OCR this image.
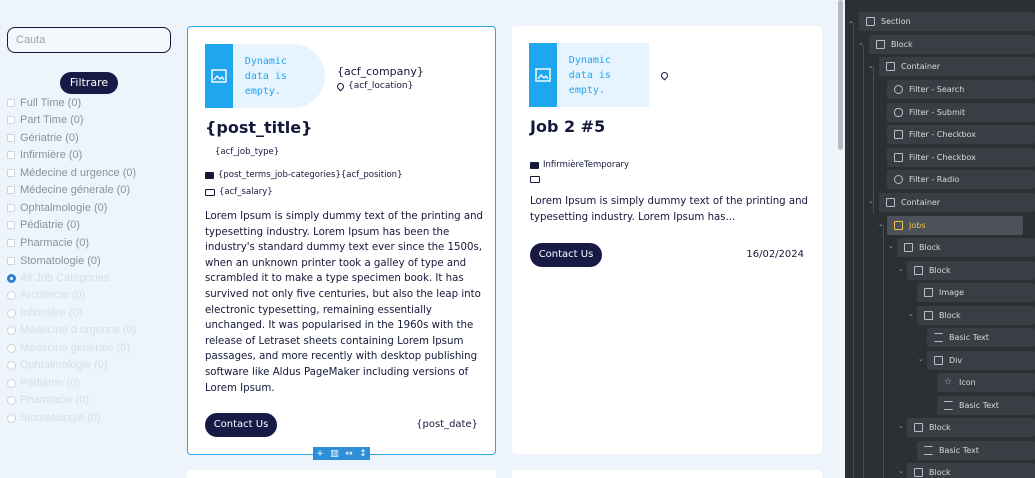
Cauta
Filtrare
Full Time (0)
Part Time (0)
Gériatrie (0)
Infirmière (0)
Médecine d urgence (0)
Médecine génerale (0)
Ophtalmologie (0)
Pédiatrie (0)
Pharmacie (0)
Stomatologie (0)
All Job Categories
Architecte (0)
Infirmière (0)
Médecine d urgence (0)
Médecine générale (0)
Ophtalmologie (0)
Pédiatrie (0)
Pharmacie (0)
Stomatologie (0)
Dynamic data is empty.
{acf_company}
{acf_location}
{post_title}
{acf_job_type}
{post_terms_job-categories}{acf_position}
{acf_salary}
Lorem Ipsum is simply dummy text of the printing and typesetting industry. Lorem Ipsum has been the industry's standard dummy text ever since the 1500s, when an unknown printer took a galley of type and scrambled it to make a type specimen book. It has survived not only five centuries, but also the leap into electronic typesetting, remaining essentially unchanged. It was popularised in the 1960s with the release of Letraset sheets containing Lorem Ipsum passages, and more recently with desktop publishing software like Aldus PageMaker including versions of Lorem Ipsum.
Contact Us	{post_date}
+ ▥ ↔ ↕
Dynamic data is empty.
Job 2 #5
InfirmièreTemporary
Lorem Ipsum is simply dummy text of the printing and typesetting industry. Lorem Ipsum has...
Contact Us	16/02/2024
⌄	Section
⌄	Block
⌄	Container
Filter - Search
Filter - Submit
Filter - Checkbox
Filter - Checkbox
Filter - Radio
⌄	Container
⌄	Jobs
⌄	Block
⌄	Block
Image
⌄	Block
Basic Text
⌄	Div
☆ Icon
Basic Text
⌄	Block
Basic Text
⌄	Block
